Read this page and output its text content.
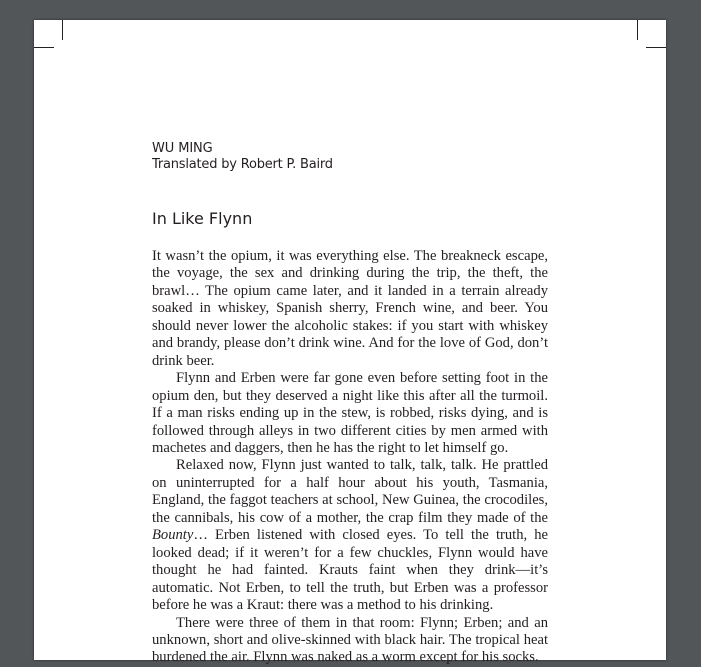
WU MING
Translated by Robert P. Baird
In Like Flynn

It wasn’t the opium, it was everything else. The breakneck escape, the voyage, the sex and drinking during the trip, the theft, the brawl… The opium came later, and it landed in a terrain already soaked in whiskey, Spanish sherry, French wine, and beer. You should never lower the alcoholic stakes: if you start with whiskey and brandy, please don’t drink wine. And for the love of God, don’t drink beer.

Flynn and Erben were far gone even before setting foot in the opium den, but they deserved a night like this after all the turmoil. If a man risks ending up in the stew, is robbed, risks dying, and is followed through alleys in two different cities by men armed with machetes and daggers, then he has the right to let himself go.

Relaxed now, Flynn just wanted to talk, talk, talk. He prattled on uninterrupted for a half hour about his youth, Tasmania, England, the faggot teachers at school, New Guinea, the crocodiles, the cannibals, his cow of a mother, the crap film they made of the Bounty… Erben listened with closed eyes. To tell the truth, he looked dead; if it weren’t for a few chuckles, Flynn would have thought he had fainted. Krauts faint when they drink—it’s automatic. Not Erben, to tell the truth, but Erben was a professor before he was a Kraut: there was a method to his drinking.

There were three of them in that room: Flynn; Erben; and an unknown, short and olive-skinned with black hair. The tropical heat burdened the air. Flynn was naked as a worm except for his socks.
